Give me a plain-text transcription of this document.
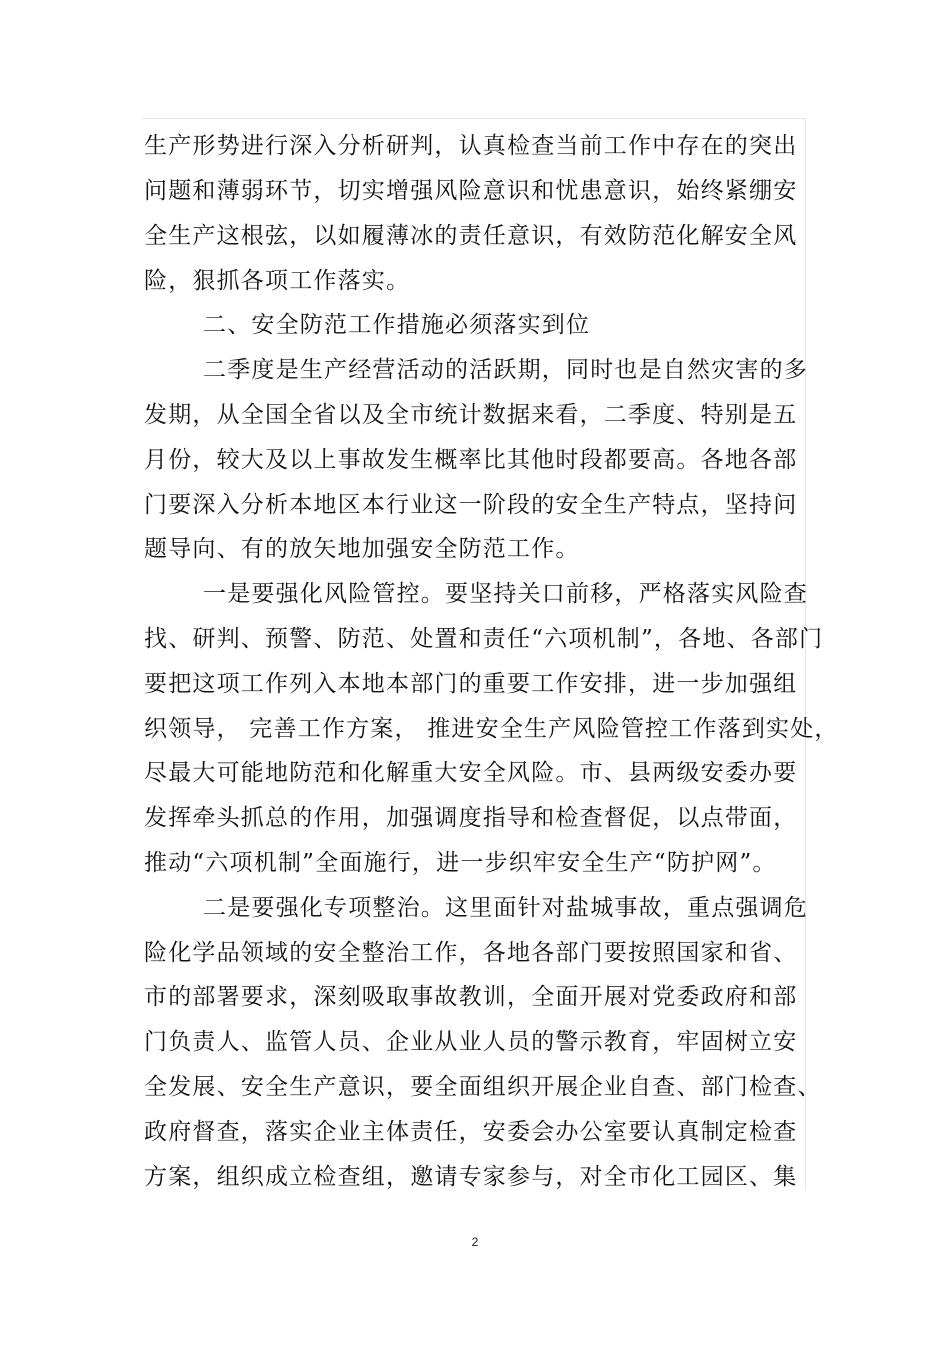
生产形势进行深入分析研判，认真检查当前工作中存在的突出
问题和薄弱环节，切实增强风险意识和忧患意识，始终紧绷安
全生产这根弦，以如履薄冰的责任意识，有效防范化解安全风
险，狠抓各项工作落实。
二、安全防范工作措施必须落实到位
二季度是生产经营活动的活跃期，同时也是自然灾害的多
发期，从全国全省以及全市统计数据来看，二季度、特别是五
月份，较大及以上事故发生概率比其他时段都要高。各地各部
门要深入分析本地区本行业这一阶段的安全生产特点，坚持问
题导向、有的放矢地加强安全防范工作。
一是要强化风险管控。要坚持关口前移，严格落实风险查
找、研判、预警、防范、处置和责任“六项机制”，各地、各部门
要把这项工作列入本地本部门的重要工作安排，进一步加强组
织领导， 完善工作方案， 推进安全生产风险管控工作落到实处，
尽最大可能地防范和化解重大安全风险。市、县两级安委办要
发挥牵头抓总的作用，加强调度指导和检查督促，以点带面，
推动“六项机制”全面施行，进一步织牢安全生产“防护网”。
二是要强化专项整治。这里面针对盐城事故，重点强调危
险化学品领域的安全整治工作，各地各部门要按照国家和省、
市的部署要求，深刻吸取事故教训，全面开展对党委政府和部
门负责人、监管人员、企业从业人员的警示教育，牢固树立安
全发展、安全生产意识，要全面组织开展企业自查、部门检查、
政府督查，落实企业主体责任，安委会办公室要认真制定检查
方案，组织成立检查组，邀请专家参与，对全市化工园区、集
2
